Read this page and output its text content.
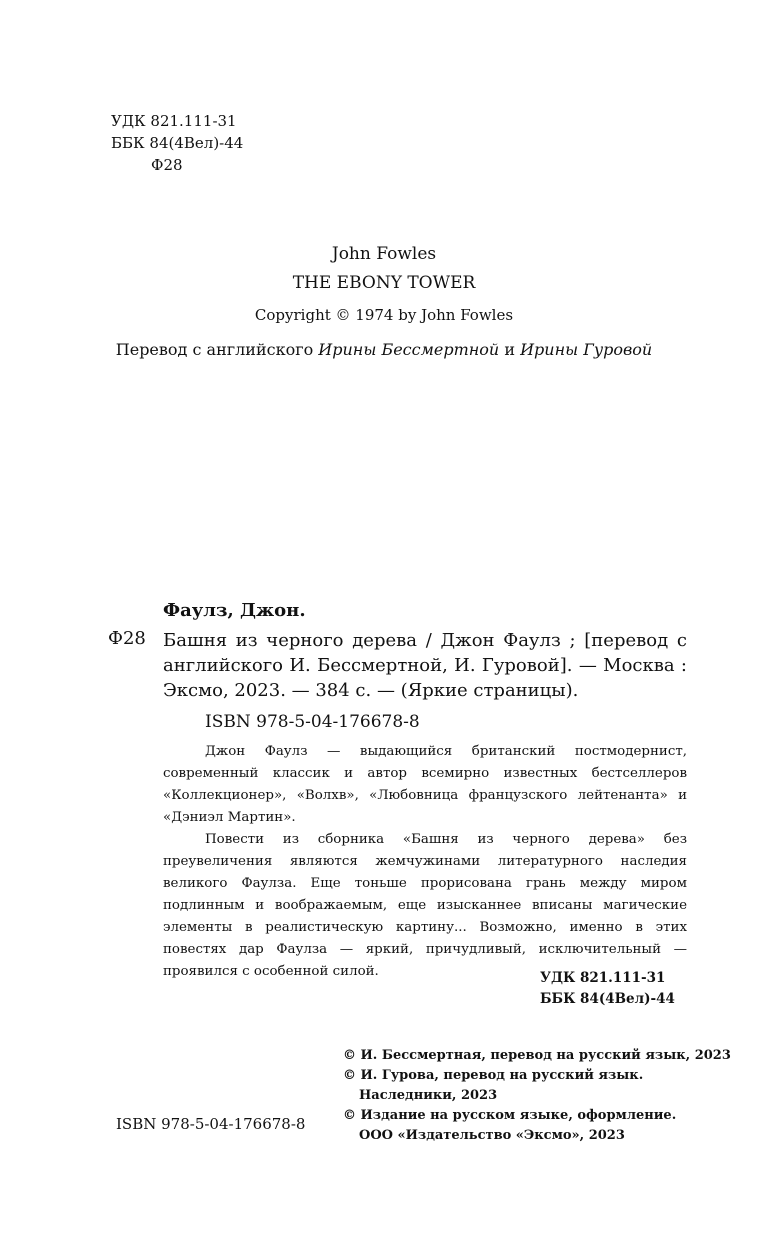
УДК 821.111-31
ББК 84(4Вел)-44
Ф28
John Fowles
THE EBONY TOWER
Copyright © 1974 by John Fowles
Перевод с английского Ирины Бессмертной и Ирины Гуровой
Фаулз, Джон.
Ф28 Башня из черного дерева / Джон Фаулз ; [перевод с английского И. Бессмертной, И. Гуровой]. — Москва : Эксмо, 2023. — 384 с. — (Яркие страницы).
ISBN 978-5-04-176678-8

Джон Фаулз — выдающийся британский постмодернист, современный классик и автор всемирно известных бестселлеров «Коллекционер», «Волхв», «Любовница французского лейтенанта» и «Дэниэл Мартин».

Повести из сборника «Башня из черного дерева» без преувеличения являются жемчужинами литературного наследия великого Фаулза. Еще тоньше прорисована грань между миром подлинным и воображаемым, еще изысканнее вписаны магические элементы в реалистическую картину... Возможно, именно в этих повестях дар Фаулза — яркий, причудливый, исключительный — проявился с особенной силой.	УДК 821.111-31
ББК 84(4Вел)-44
© И. Бессмертная, перевод на русский язык, 2023
© И. Гурова, перевод на русский язык.

Наследники, 2023
© Издание на русском языке, оформление.

ООО «Издательство «Эксмо», 2023
ISBN 978-5-04-176678-8
